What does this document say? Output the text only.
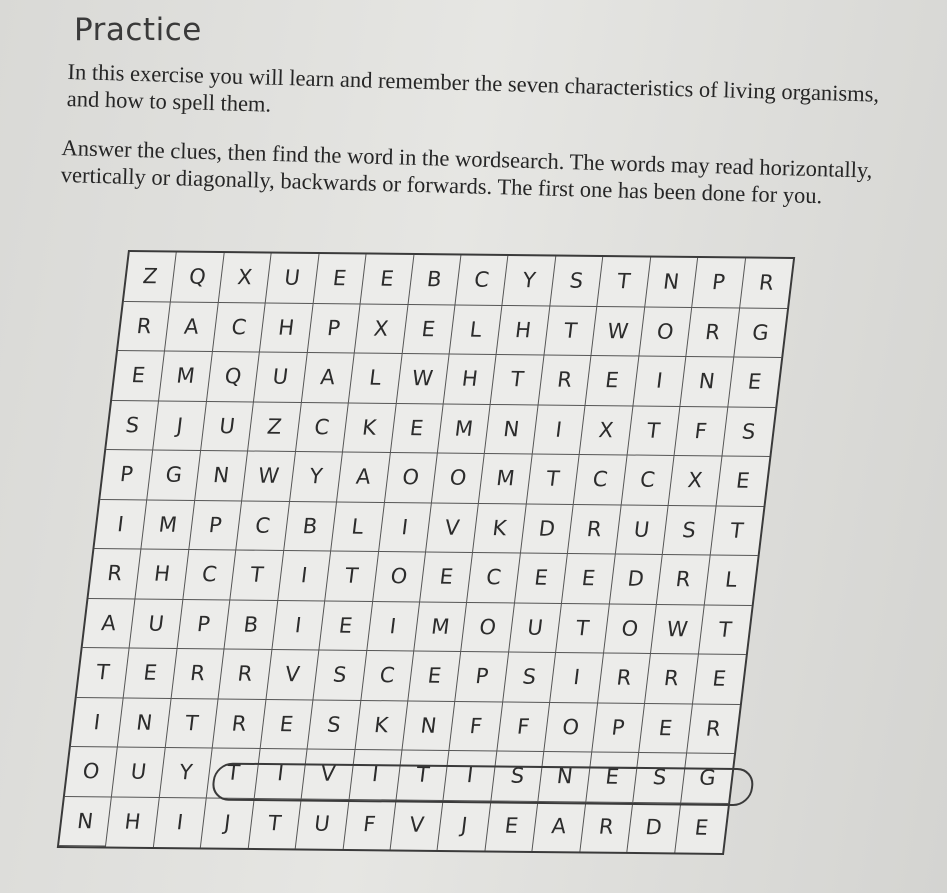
Practice
In this exercise you will learn and remember the seven characteristics of living organisms, and how to spell them.
Answer the clues, then find the word in the wordsearch. The words may read horizontally, vertically or diagonally, backwards or forwards. The first one has been done for you.
Z	Q	X	U	E	E	B	C	Y	S	T	N	P	R
R	A	C	H	P	X	E	L	H	T	W	O	R	G
E	M	Q	U	A	L	W	H	T	R	E	I	N	E
S	J	U	Z	C	K	E	M	N	I	X	T	F	S
P	G	N	W	Y	A	O	O	M	T	C	C	X	E
I	M	P	C	B	L	I	V	K	D	R	U	S	T
R	H	C	T	I	T	O	E	C	E	E	D	R	L
A	U	P	B	I	E	I	M	O	U	T	O	W	T
T	E	R	R	V	S	C	E	P	S	I	R	R	E
I	N	T	R	E	S	K	N	F	F	O	P	E	R
O	U	Y	T	I	V	I	T	I	S	N	E	S	G
N	H	I	J	T	U	F	V	J	E	A	R	D	E
